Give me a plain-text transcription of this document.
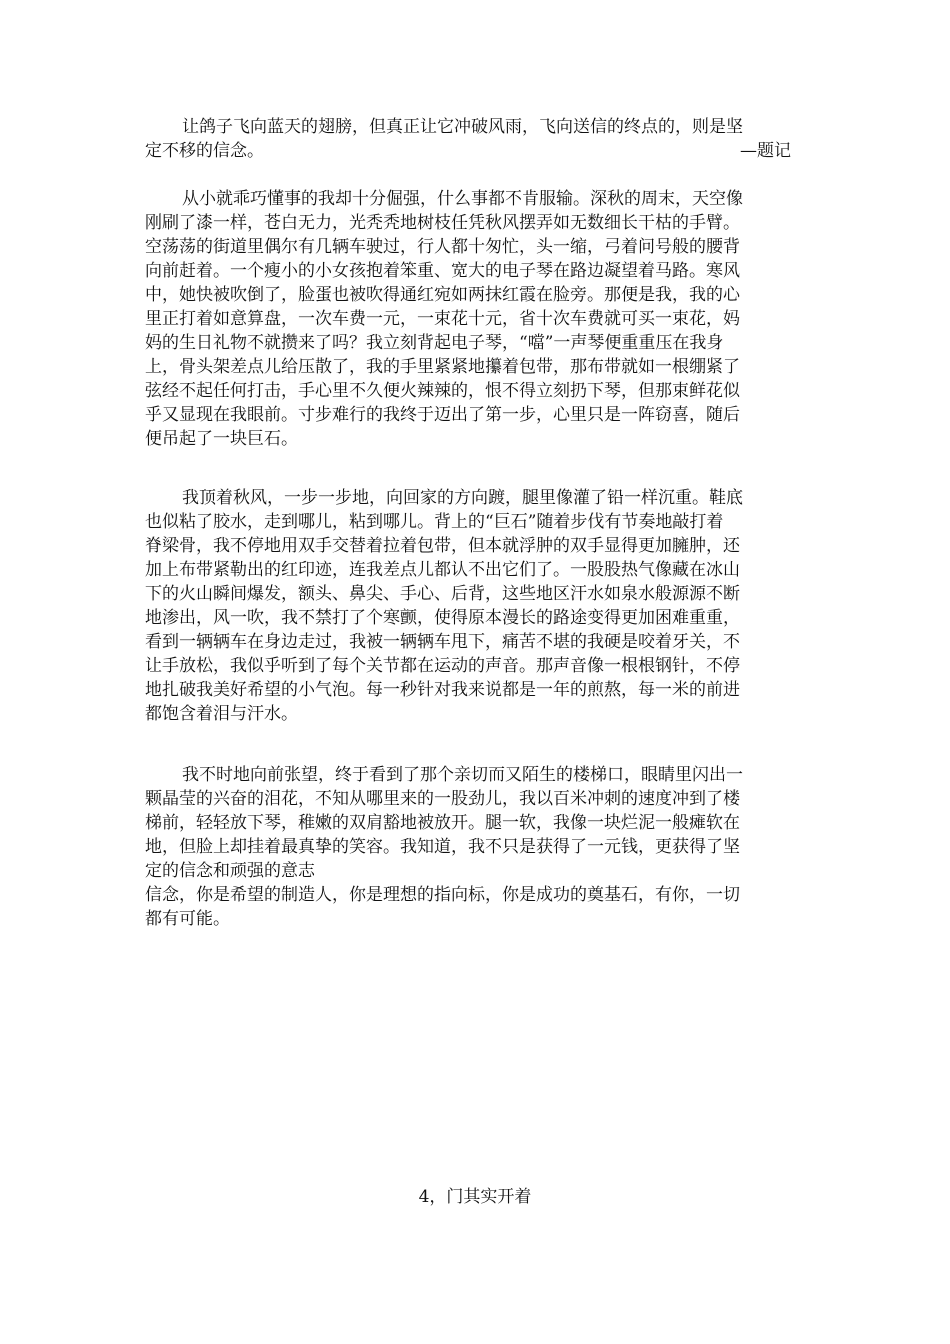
让鸽子飞向蓝天的翅膀，但真正让它冲破风雨，飞向送信的终点的，则是坚
定不移的信念。	—题记
从小就乖巧懂事的我却十分倔强，什么事都不肯服输。深秋的周末，天空像
刚刷了漆一样，苍白无力，光秃秃地树枝任凭秋风摆弄如无数细长干枯的手臂。
空荡荡的街道里偶尔有几辆车驶过，行人都十匆忙，头一缩，弓着问号般的腰背
向前赶着。一个瘦小的小女孩抱着笨重、宽大的电子琴在路边凝望着马路。寒风
中，她快被吹倒了，脸蛋也被吹得通红宛如两抹红霞在脸旁。那便是我，我的心
里正打着如意算盘，一次车费一元，一束花十元，省十次车费就可买一束花，妈
妈的生日礼物不就攒来了吗？我立刻背起电子琴，“噹”一声琴便重重压在我身
上，骨头架差点儿给压散了，我的手里紧紧地攥着包带，那布带就如一根绷紧了
弦经不起任何打击，手心里不久便火辣辣的，恨不得立刻扔下琴，但那束鲜花似
乎又显现在我眼前。寸步难行的我终于迈出了第一步，心里只是一阵窃喜，随后
便吊起了一块巨石。
我顶着秋风，一步一步地，向回家的方向踱，腿里像灌了铅一样沉重。鞋底
也似粘了胶水，走到哪儿，粘到哪儿。背上的“巨石”随着步伐有节奏地敲打着
脊梁骨，我不停地用双手交替着拉着包带，但本就浮肿的双手显得更加臃肿，还
加上布带紧勒出的红印迹，连我差点儿都认不出它们了。一股股热气像藏在冰山
下的火山瞬间爆发，额头、鼻尖、手心、后背，这些地区汗水如泉水般源源不断
地渗出，风一吹，我不禁打了个寒颤，使得原本漫长的路途变得更加困难重重，
看到一辆辆车在身边走过，我被一辆辆车甩下，痛苦不堪的我硬是咬着牙关，不
让手放松，我似乎听到了每个关节都在运动的声音。那声音像一根根钢针，不停
地扎破我美好希望的小气泡。每一秒针对我来说都是一年的煎熬，每一米的前进
都饱含着泪与汗水。
我不时地向前张望，终于看到了那个亲切而又陌生的楼梯口，眼睛里闪出一
颗晶莹的兴奋的泪花，不知从哪里来的一股劲儿，我以百米冲刺的速度冲到了楼
梯前，轻轻放下琴，稚嫩的双肩豁地被放开。腿一软，我像一块烂泥一般瘫软在
地，但脸上却挂着最真挚的笑容。我知道，我不只是获得了一元钱，更获得了坚
定的信念和顽强的意志
信念，你是希望的制造人，你是理想的指向标，你是成功的奠基石，有你，一切
都有可能。
4，门其实开着
